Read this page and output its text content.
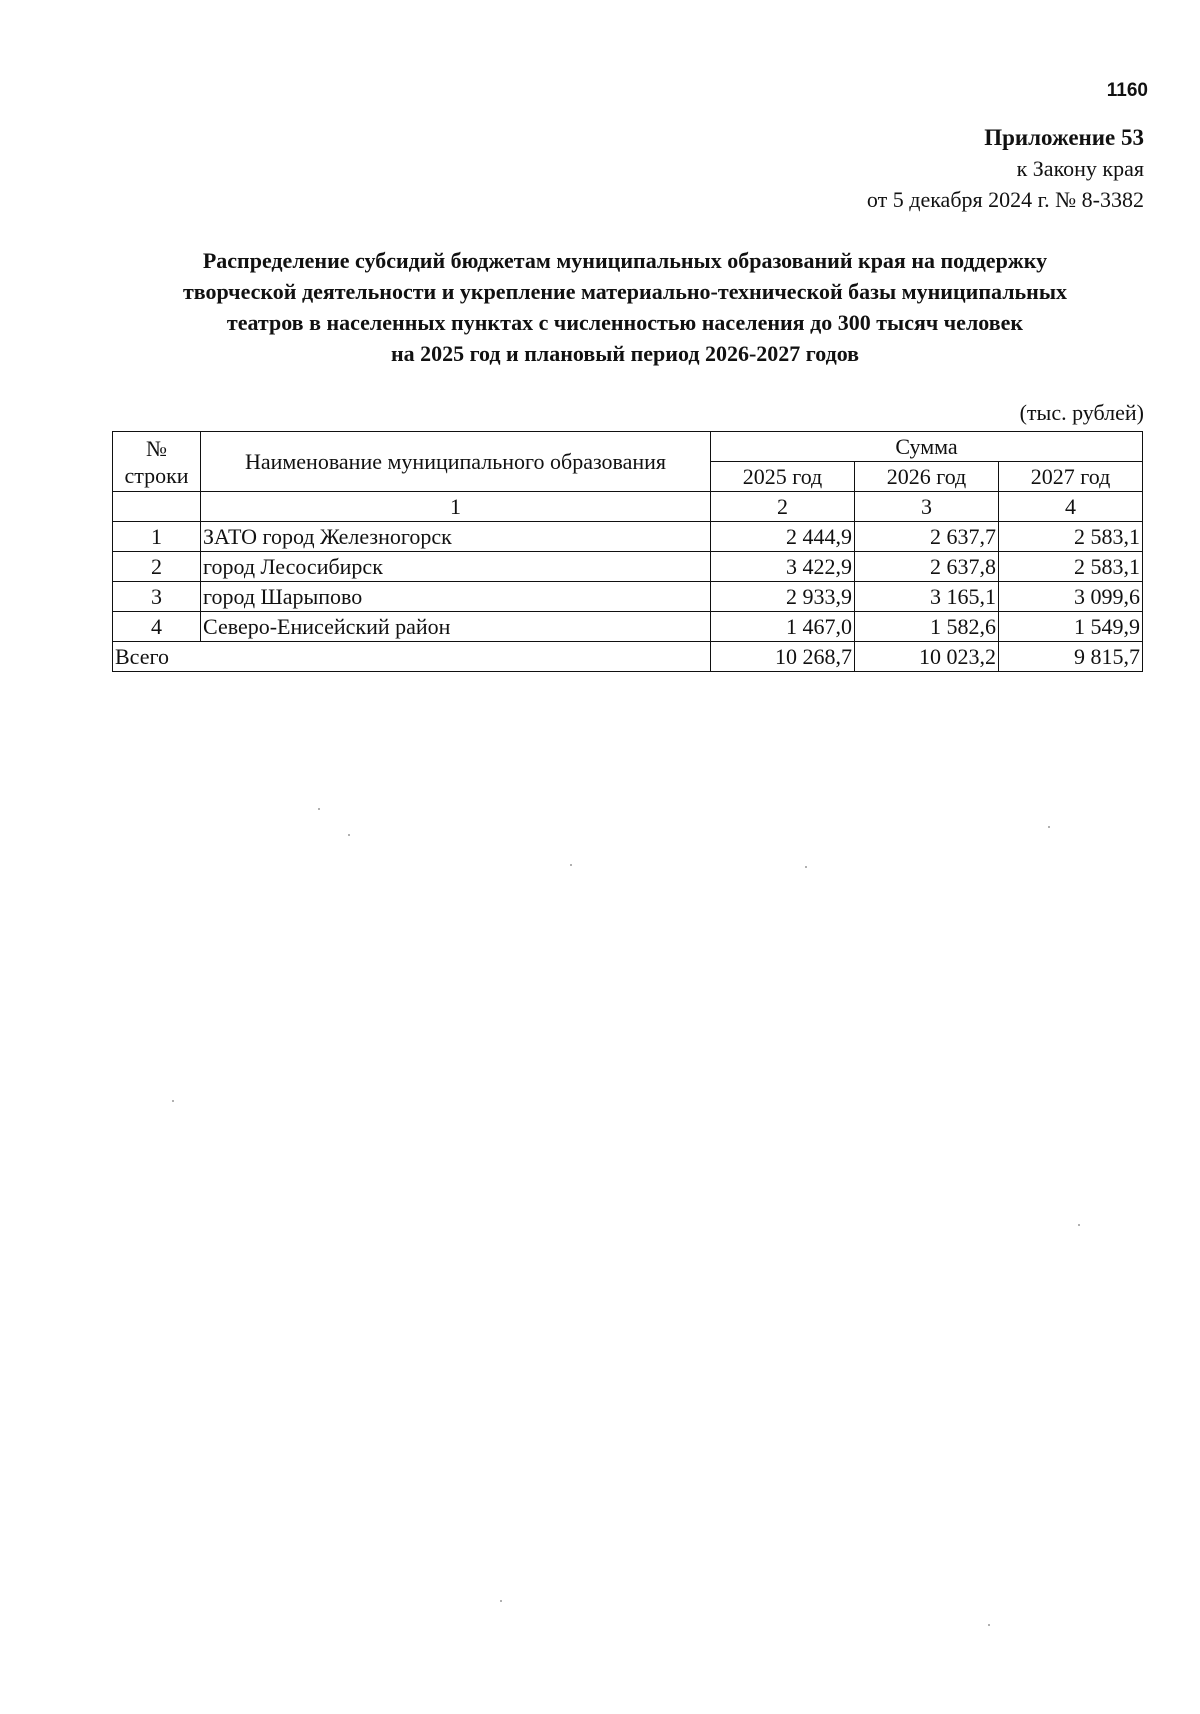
1160
Приложение 53
к Закону края
от 5 декабря 2024 г. № 8-3382
Распределение субсидий бюджетам муниципальных образований края на поддержку
творческой деятельности и укрепление материально-технической базы муниципальных
театров в населенных пунктах с численностью населения до 300 тысяч человек
на 2025 год и плановый период 2026-2027 годов
(тыс. рублей)
№
строки	Наименование муниципального образования	Сумма		
		2025 год	2026 год	2027 год
	1	2	3	4
1	ЗАТО город Железногорск	2 444,9	2 637,7	2 583,1
2	город Лесосибирск	3 422,9	2 637,8	2 583,1
3	город Шарыпово	2 933,9	3 165,1	3 099,6
4	Северо-Енисейский район	1 467,0	1 582,6	1 549,9
Всего		10 268,7	10 023,2	9 815,7
